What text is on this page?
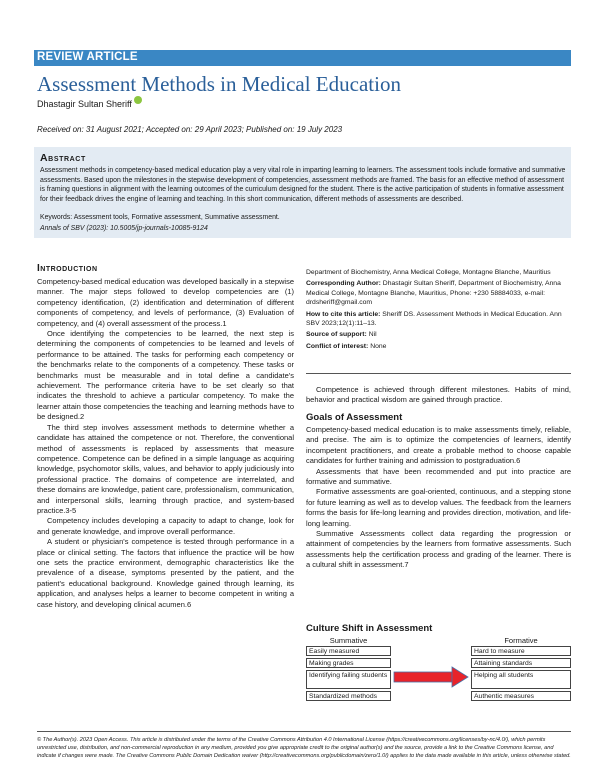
REVIEW ARTICLE
Assessment Methods in Medical Education
Dhastagir Sultan Sheriff
Received on: 31 August 2021; Accepted on: 29 April 2023; Published on: 19 July 2023
Abstract
Assessment methods in competency-based medical education play a very vital role in imparting learning to learners. The assessment tools include formative and summative assessments. Based upon the milestones in the stepwise development of competencies, assessment methods are framed. The basis for an effective method of assessment is framing questions in alignment with the learning outcomes of the curriculum designed for the student. There is the active participation of students in formative assessment for their feedback drives the engine of learning and teaching. In this short communication, different methods of assessments are described.
Keywords: Assessment tools, Formative assessment, Summative assessment.
Annals of SBV (2023): 10.5005/jp-journals-10085-9124
Introduction

Competency-based medical education was developed basically in a stepwise manner. The major steps followed to develop competencies are (1) competency identification, (2) identification and determination of different components of competency, and levels of performance, (3) Evaluation of competency, and (4) overall assessment of the process.1

Once identifying the competencies to be learned, the next step is determining the components of competencies to be learned and levels of performance to be attained. The tasks for performing each competency or the benchmarks relate to the components of a competency. These tasks or benchmarks must be measurable and in total define a candidate's achievement. The performance criteria have to be set clearly so that indicates the threshold to achieve a particular competency. To make the learner attain those competencies the teaching and learning methods have to be designed.2

The third step involves assessment methods to determine whether a candidate has attained the competence or not. Therefore, the conventional method of assessments is replaced by assessments that measure competence. Competence can be defined in a simple language as acquiring knowledge, psychomotor skills, values, and behavior to apply judiciously into professional practice. The domains of competence are interrelated, and these domains are knowledge, patient care, professionalism, communication, and interpersonal skills, learning through practice, and system-based practice.3-5

Competency includes developing a capacity to adapt to change, look for and generate knowledge, and improve overall performance.

A student or physician's competence is tested through performance in a place or clinical setting. The factors that influence the practice will be how one sets the practice environment, demographic characteristics like the prevalence of a disease, symptoms presented by the patient, and the patient's educational background. Knowledge gained through learning, its application, and analyses helps a learner to become competent in writing a case history, and developing clinical acumen.6

Department of Biochemistry, Anna Medical College, Montagne Blanche, Mauritius

Corresponding Author: Dhastagir Sultan Sheriff, Department of Biochemistry, Anna Medical College, Montagne Blanche, Mauritius, Phone: +230 58884033, e-mail: drdsheriff@gmail.com

How to cite this article: Sheriff DS. Assessment Methods in Medical Education. Ann SBV 2023;12(1):11–13.

Source of support: Nil

Conflict of interest: None

Competence is achieved through different milestones. Habits of mind, behavior and practical wisdom are gained through practice.

Goals of Assessment

Competency-based medical education is to make assessments timely, reliable, and precise. The aim is to optimize the competencies of learners, identify incompetent practitioners, and create a probable method to choose capable candidates for further training and admission to postgraduation.6

Assessments that have been recommended and put into practice are formative and summative.

Formative assessments are goal-oriented, continuous, and a stepping stone for future learning as well as to develop values. The feedback from the learners forms the basis for life-long learning and provides direction, motivation, and life-long learning.

Summative Assessments collect data regarding the progression or attainment of competencies by the learners from formative assessments. Such assessments help the certification process and grading of the learner. There is a cultural shift in assessment.7

Culture Shift in Assessment
Summative	Formative
Easily measured
Making grades
Identifying failing students
Standardized methods
Hard to measure
Attaining standards
Helping all students
Authentic measures
© The Author(s). 2023 Open Access. This article is distributed under the terms of the Creative Commons Attribution 4.0 International License (https://creativecommons.org/licenses/by-nc/4.0/), which permits unrestricted use, distribution, and non-commercial reproduction in any medium, provided you give appropriate credit to the original author(s) and the source, provide a link to the Creative Commons license, and indicate if changes were made. The Creative Commons Public Domain Dedication waiver (http://creativecommons.org/publicdomain/zero/1.0/) applies to the data made available in this article, unless otherwise stated.
